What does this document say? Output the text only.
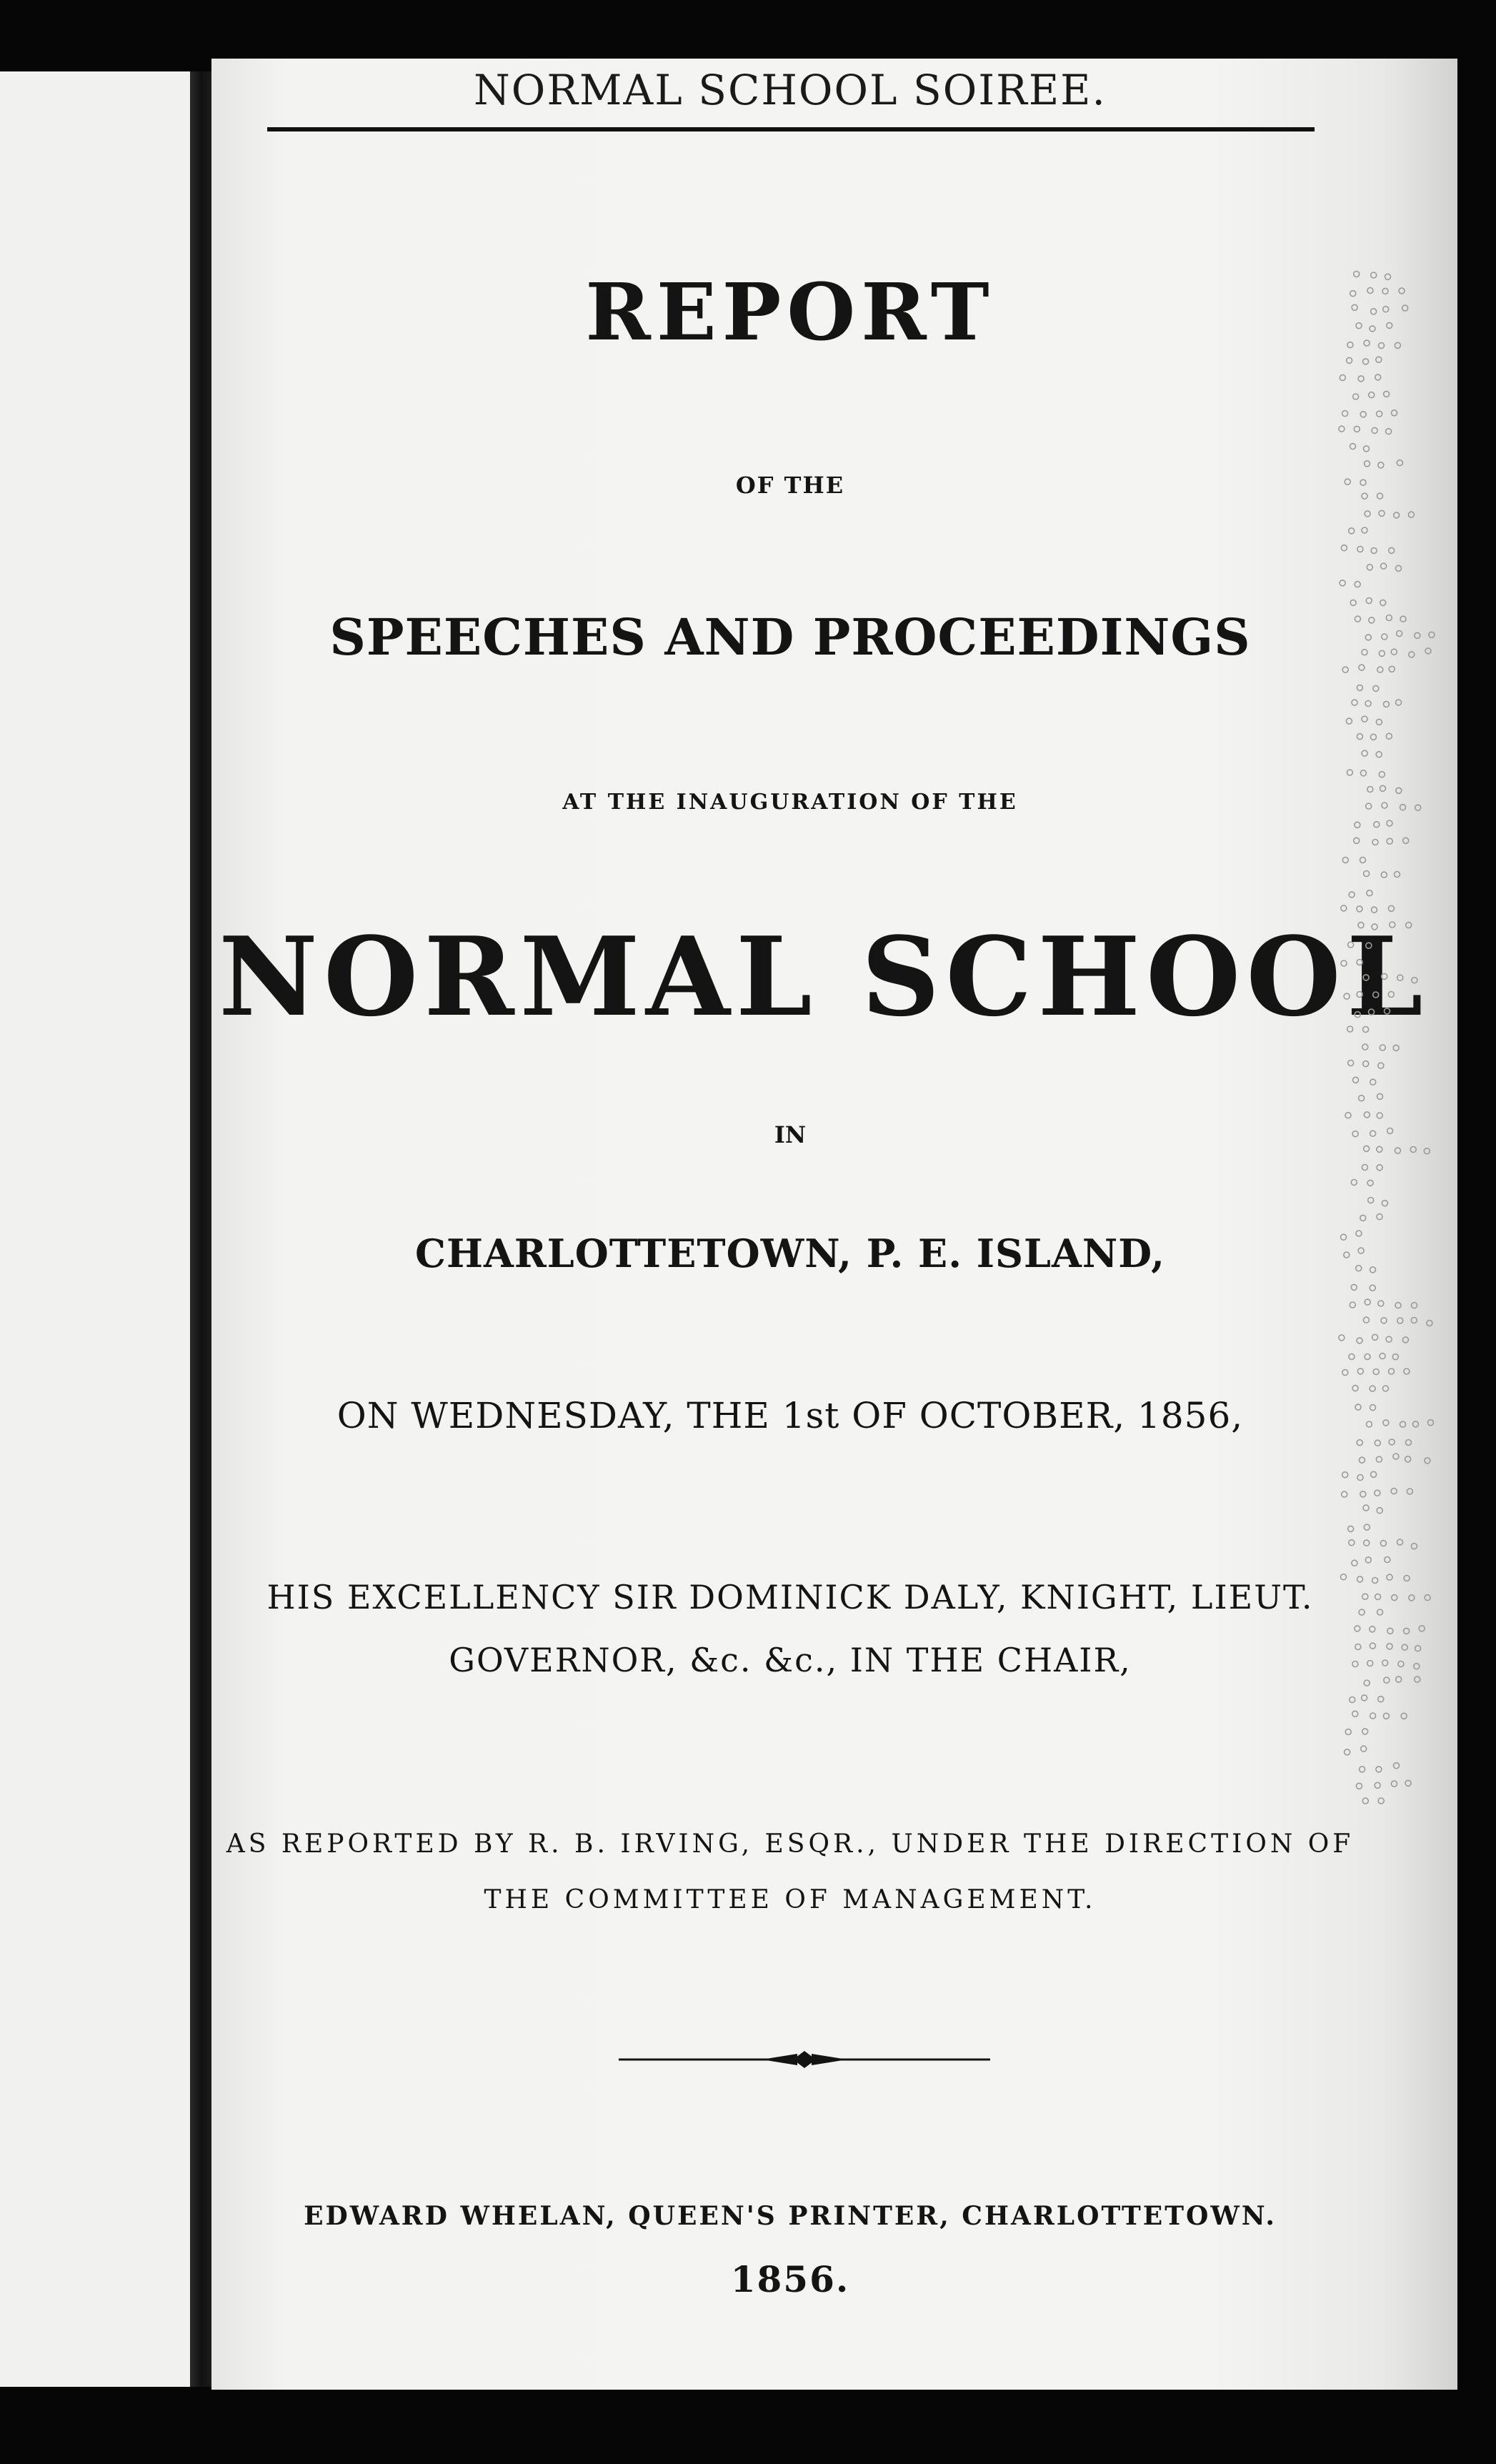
NORMAL SCHOOL SOIREE.
REPORT
OF THE
SPEECHES AND PROCEEDINGS
AT THE INAUGURATION OF THE
NORMAL SCHOOL
IN
CHARLOTTETOWN, P. E. ISLAND,
ON WEDNESDAY, THE 1st OF OCTOBER, 1856,
HIS EXCELLENCY SIR DOMINICK DALY, KNIGHT, LIEUT.
GOVERNOR, &c. &c., IN THE CHAIR,
AS REPORTED BY R. B. IRVING, ESQR., UNDER THE DIRECTION OF
THE COMMITTEE OF MANAGEMENT.
EDWARD WHELAN, QUEEN'S PRINTER, CHARLOTTETOWN.
1856.
